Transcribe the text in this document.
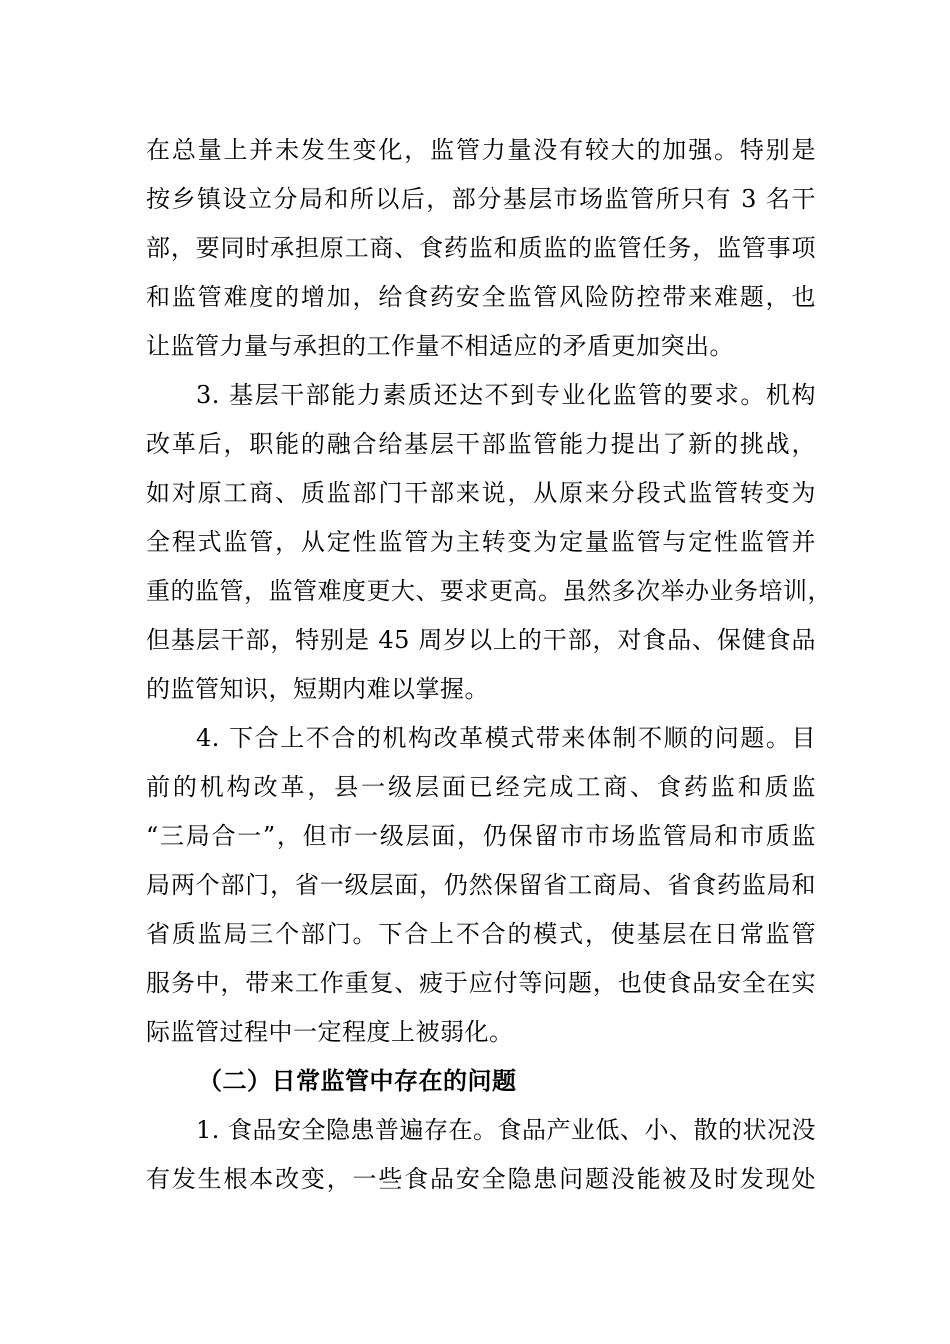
在总量上并未发生变化，监管力量没有较大的加强。特别是
按乡镇设立分局和所以后，部分基层市场监管所只有 3 名干
部，要同时承担原工商、食药监和质监的监管任务，监管事项
和监管难度的增加，给食药安全监管风险防控带来难题，也
让监管力量与承担的工作量不相适应的矛盾更加突出。
3. 基层干部能力素质还达不到专业化监管的要求。机构
改革后，职能的融合给基层干部监管能力提出了新的挑战，
如对原工商、质监部门干部来说，从原来分段式监管转变为
全程式监管，从定性监管为主转变为定量监管与定性监管并
重的监管，监管难度更大、要求更高。虽然多次举办业务培训，
但基层干部，特别是 45 周岁以上的干部，对食品、保健食品
的监管知识，短期内难以掌握。
4. 下合上不合的机构改革模式带来体制不顺的问题。目
前的机构改革，县一级层面已经完成工商、食药监和质监
“三局合一”，但市一级层面，仍保留市市场监管局和市质监
局两个部门，省一级层面，仍然保留省工商局、省食药监局和
省质监局三个部门。下合上不合的模式，使基层在日常监管
服务中，带来工作重复、疲于应付等问题，也使食品安全在实
际监管过程中一定程度上被弱化。
（二）日常监管中存在的问题
1. 食品安全隐患普遍存在。食品产业低、小、散的状况没
有发生根本改变，一些食品安全隐患问题没能被及时发现处
